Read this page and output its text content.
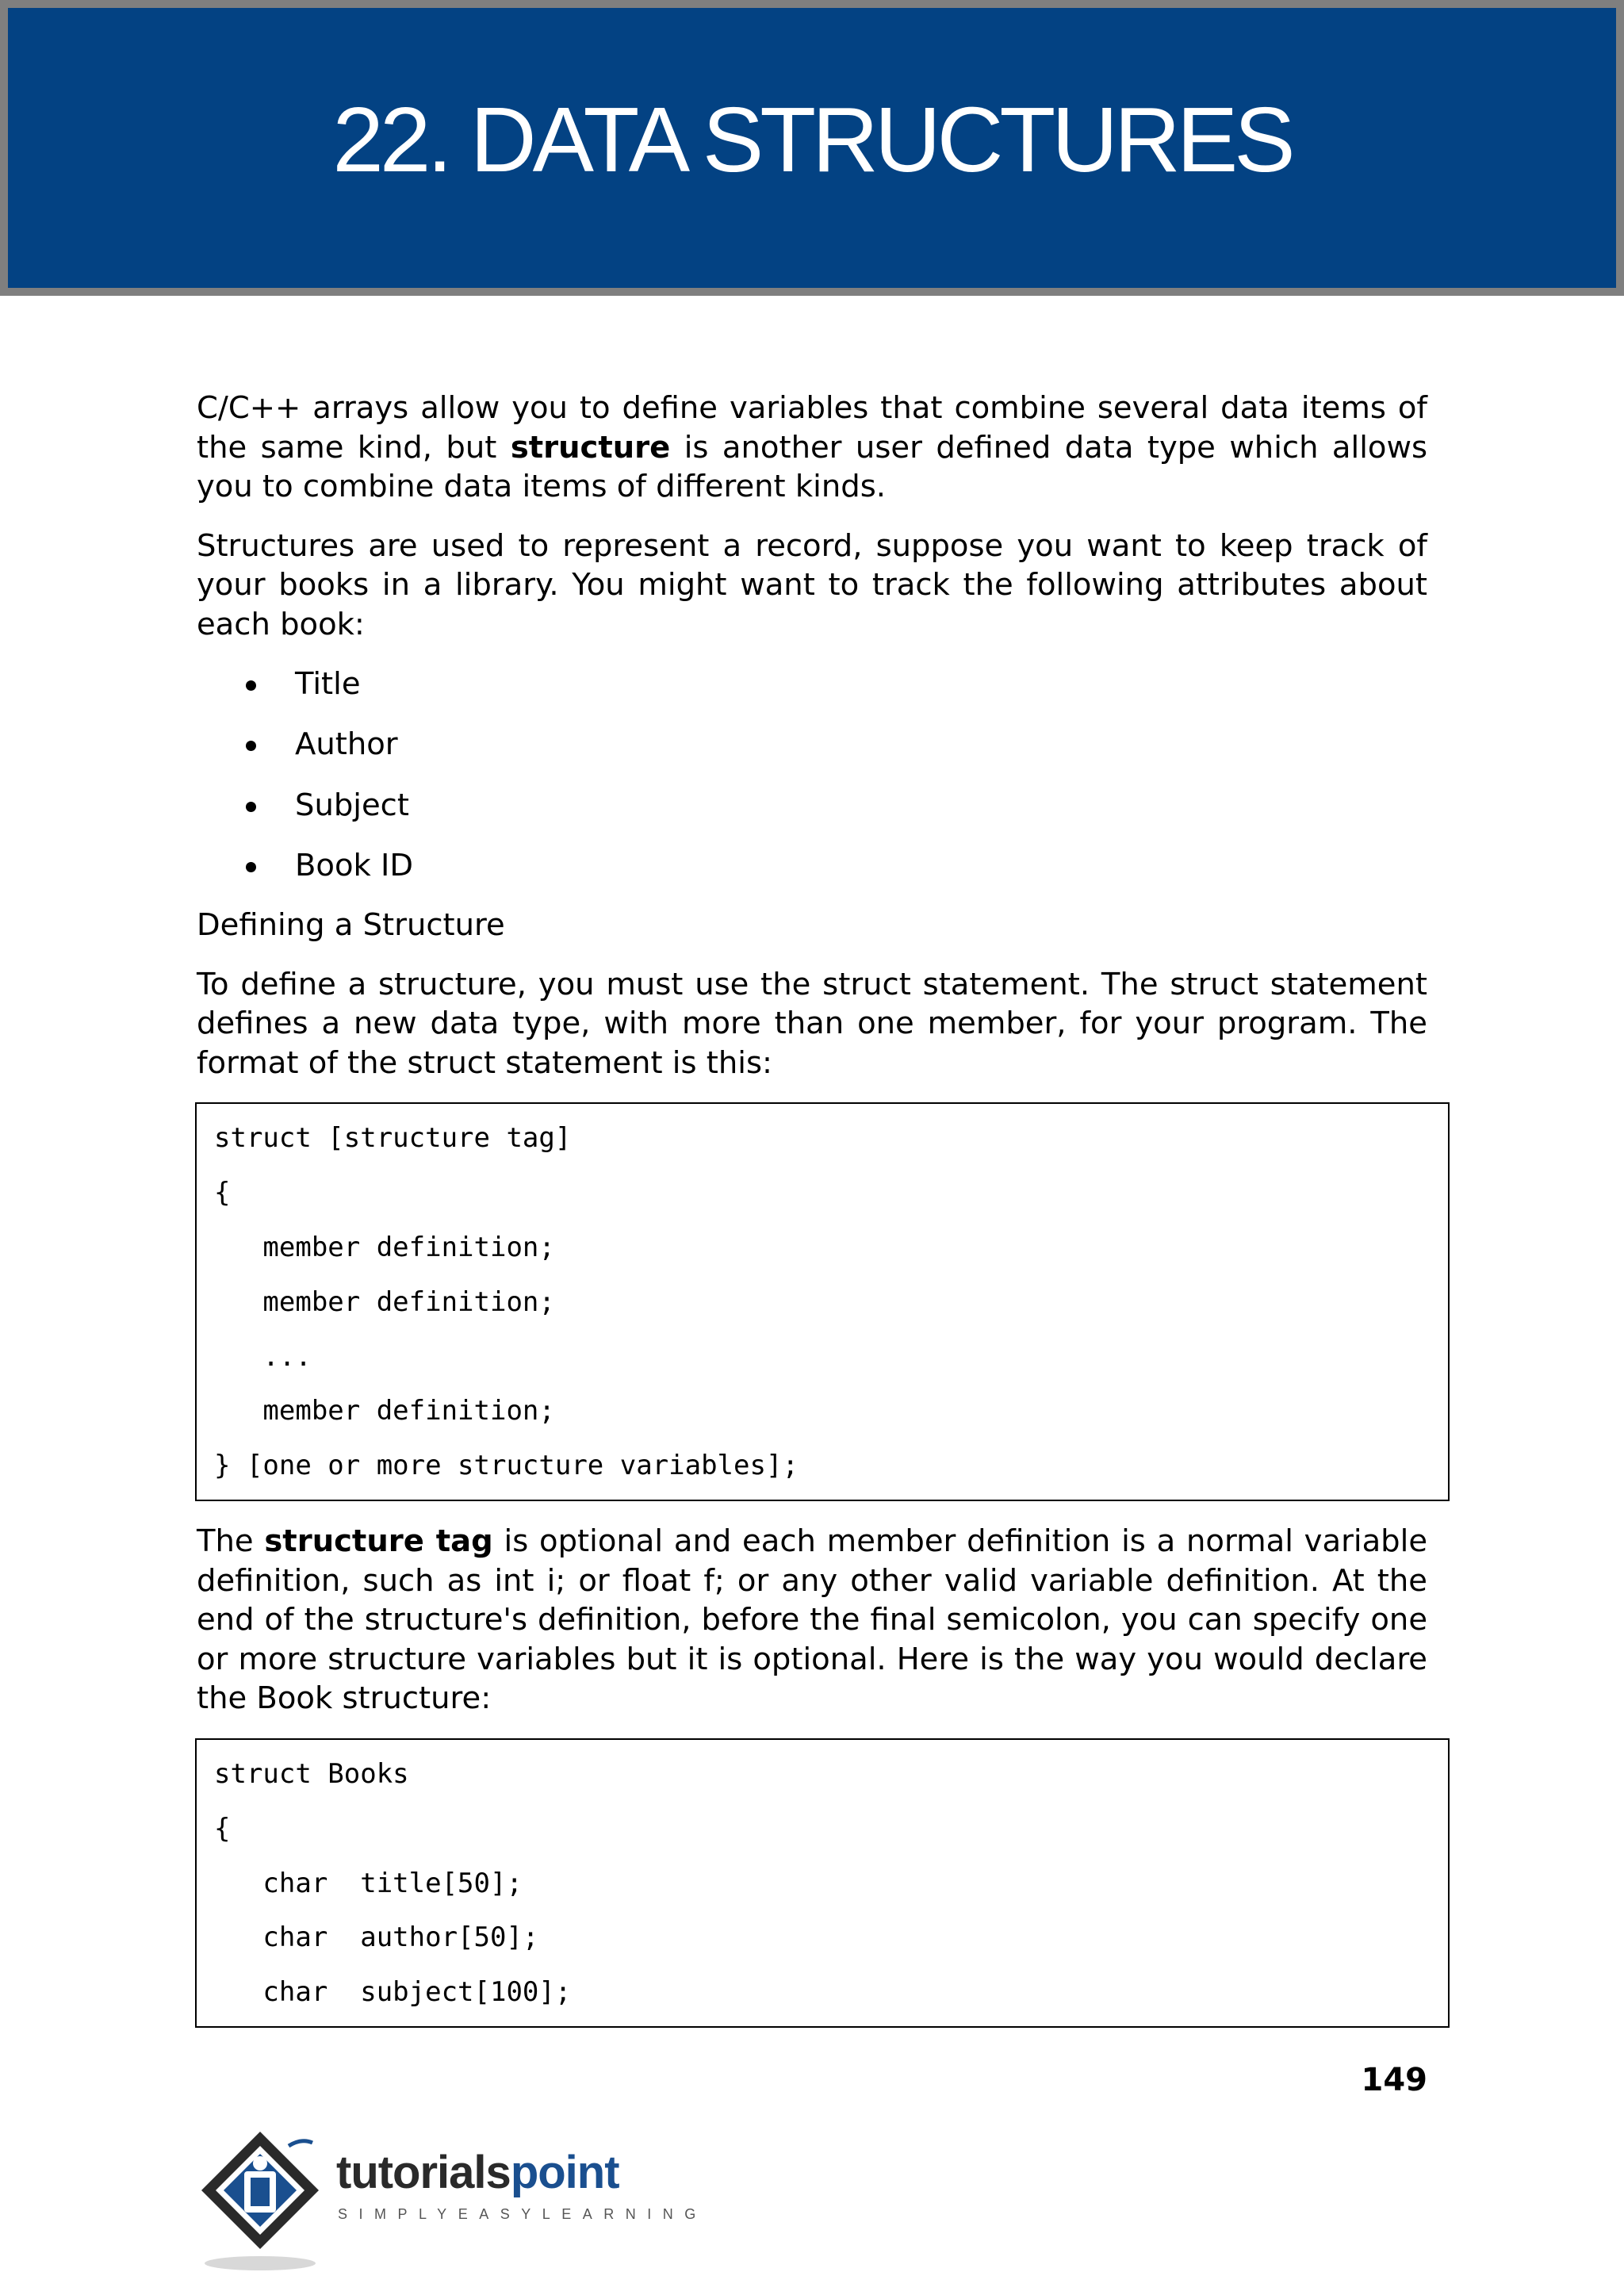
22. DATA STRUCTURES

C/C++ arrays allow you to define variables that combine several data items of the same kind, but structure is another user defined data type which allows you to combine data items of different kinds.

Structures are used to represent a record, suppose you want to keep track of your books in a library. You might want to track the following attributes about each book:

Title
Author
Subject
Book ID

Defining a Structure

To define a structure, you must use the struct statement. The struct statement defines a new data type, with more than one member, for your program. The format of the struct statement is this:

struct [structure tag]
{
member definition;
member definition;
...
member definition;
} [one or more structure variables];

The structure tag is optional and each member definition is a normal variable definition, such as int i; or float f; or any other valid variable definition. At the end of the structure's definition, before the final semicolon, you can specify one or more structure variables but it is optional. Here is the way you would declare the Book structure:

struct Books
{
char  title[50];
char  author[50];
char  subject[100];
149
tutorialspoint
SIMPLYEASYLEARNING
